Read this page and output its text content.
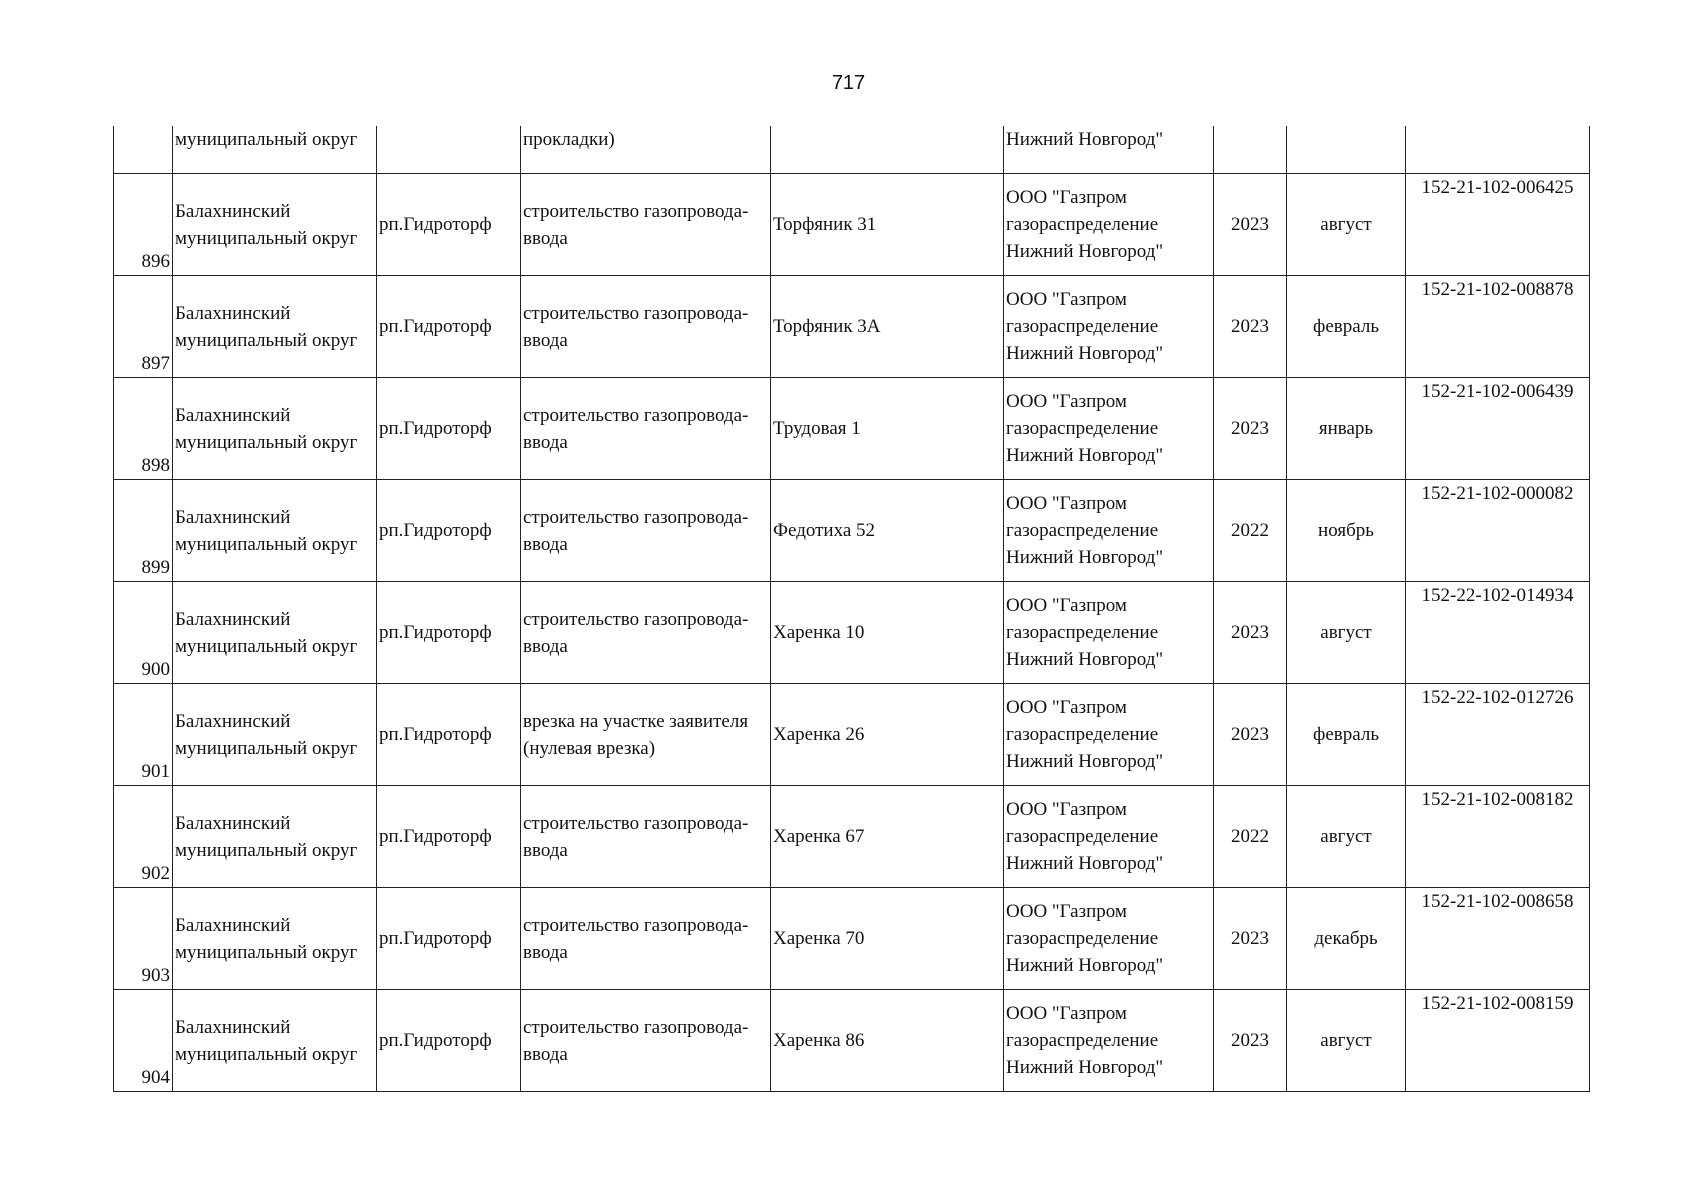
717

	муниципальный округ		прокладки)		Нижний Новгород"			

896	Балахнинский
муниципальный округ	рп.Гидроторф	строительство газопровода-
ввода	Торфяник 31	ООО "Газпром
газораспределение
Нижний Новгород"	2023	август	152-21-102-006425
897	Балахнинский
муниципальный округ	рп.Гидроторф	строительство газопровода-
ввода	Торфяник 3А	ООО "Газпром
газораспределение
Нижний Новгород"	2023	февраль	152-21-102-008878
898	Балахнинский
муниципальный округ	рп.Гидроторф	строительство газопровода-
ввода	Трудовая 1	ООО "Газпром
газораспределение
Нижний Новгород"	2023	январь	152-21-102-006439
899	Балахнинский
муниципальный округ	рп.Гидроторф	строительство газопровода-
ввода	Федотиха 52	ООО "Газпром
газораспределение
Нижний Новгород"	2022	ноябрь	152-21-102-000082
900	Балахнинский
муниципальный округ	рп.Гидроторф	строительство газопровода-
ввода	Харенка 10	ООО "Газпром
газораспределение
Нижний Новгород"	2023	август	152-22-102-014934
901	Балахнинский
муниципальный округ	рп.Гидроторф	врезка на участке заявителя
(нулевая врезка)	Харенка 26	ООО "Газпром
газораспределение
Нижний Новгород"	2023	февраль	152-22-102-012726
902	Балахнинский
муниципальный округ	рп.Гидроторф	строительство газопровода-
ввода	Харенка 67	ООО "Газпром
газораспределение
Нижний Новгород"	2022	август	152-21-102-008182
903	Балахнинский
муниципальный округ	рп.Гидроторф	строительство газопровода-
ввода	Харенка 70	ООО "Газпром
газораспределение
Нижний Новгород"	2023	декабрь	152-21-102-008658
904	Балахнинский
муниципальный округ	рп.Гидроторф	строительство газопровода-
ввода	Харенка 86	ООО "Газпром
газораспределение
Нижний Новгород"	2023	август	152-21-102-008159
